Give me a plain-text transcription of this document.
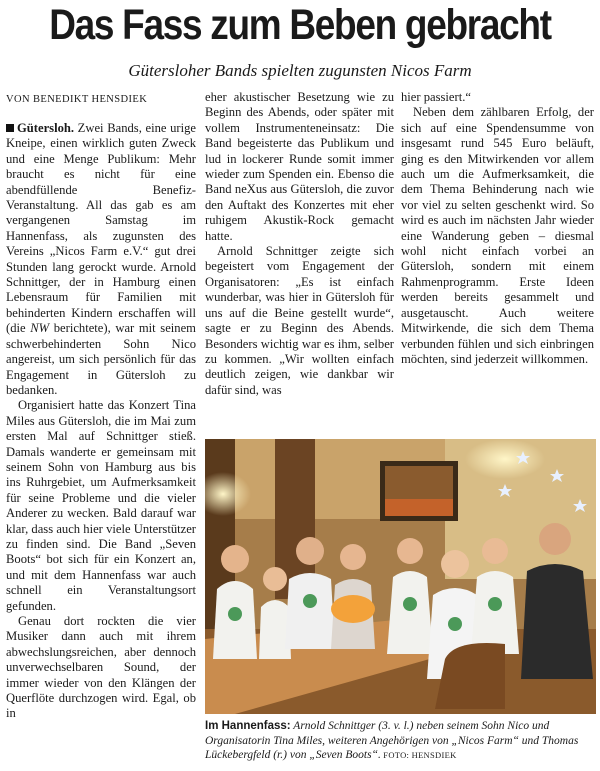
Das Fass zum Beben gebracht
Gütersloher Bands spielten zugunsten Nicos Farm
VON BENEDIKT HENSDIEK

Gütersloh. Zwei Bands, eine urige Kneipe, einen wirklich guten Zweck und eine Menge Publikum: Mehr braucht es nicht für eine abendfüllende Benefiz-Veranstaltung. All das gab es am vergangenen Samstag im Hannenfass, als zugunsten des Vereins „Nicos Farm e.V.“ gut drei Stunden lang gerockt wurde. Arnold Schnittger, der in Hamburg einen Lebensraum für Familien mit behinderten Kindern erschaffen will (die NW berichtete), war mit seinem schwerbehinderten Sohn Nico angereist, um sich persönlich für das Engagement in Gütersloh zu bedanken.

Organisiert hatte das Konzert Tina Miles aus Gütersloh, die im Mai zum ersten Mal auf Schnittger stieß. Damals wanderte er gemeinsam mit seinem Sohn von Hamburg aus bis ins Ruhrgebiet, um Aufmerksamkeit für seine Probleme und die vieler Anderer zu wecken. Bald darauf war klar, dass auch hier viele Unterstützer zu finden sind. Die Band „Seven Boots“ bot sich für ein Konzert an, und mit dem Hannenfass war auch schnell ein Veranstaltungsort gefunden.

Genau dort rockten die vier Musiker dann auch mit ihrem abwechslungsreichen, aber dennoch unverwechselbaren Sound, der immer wieder von den Klängen der Querflöte durchzogen wird. Egal, ob in

eher akustischer Besetzung wie zu Beginn des Abends, oder später mit vollem Instrumenteneinsatz: Die Band begeisterte das Publikum und lud in lockerer Runde somit immer wieder zum Spenden ein. Ebenso die Band neXus aus Gütersloh, die zuvor den Auftakt des Konzertes mit eher ruhigem Akustik-Rock gemacht hatte.

Arnold Schnittger zeigte sich begeistert vom Engagement der Organisatoren: „Es ist einfach wunderbar, was hier in Gütersloh für uns auf die Beine gestellt wurde“, sagte er zu Beginn des Abends. Besonders wichtig war es ihm, selber zu kommen. „Wir wollten einfach deutlich zeigen, wie dankbar wir dafür sind, was

hier passiert.“

Neben dem zählbaren Erfolg, der sich auf eine Spendensumme von insgesamt rund 545 Euro beläuft, ging es den Mitwirkenden vor allem auch um die Aufmerksamkeit, die dem Thema Behinderung nach wie vor viel zu selten geschenkt wird. So wird es auch im nächsten Jahr wieder eine Wanderung geben – diesmal wohl nicht einfach vorbei an Gütersloh, sondern mit einem Rahmenprogramm. Erste Ideen werden bereits gesammelt und ausgetauscht. Auch weitere Mitwirkende, die sich dem Thema verbunden fühlen und sich einbringen möchten, sind jederzeit willkommen.

Im Hannenfass: Arnold Schnittger (3. v. l.) neben seinem Sohn Nico und Organisatorin Tina Miles, weiteren Angehörigen von „Nicos Farm“ und Thomas Lückebergfeld (r.) von „Seven Boots“. FOTO: HENSDIEK
